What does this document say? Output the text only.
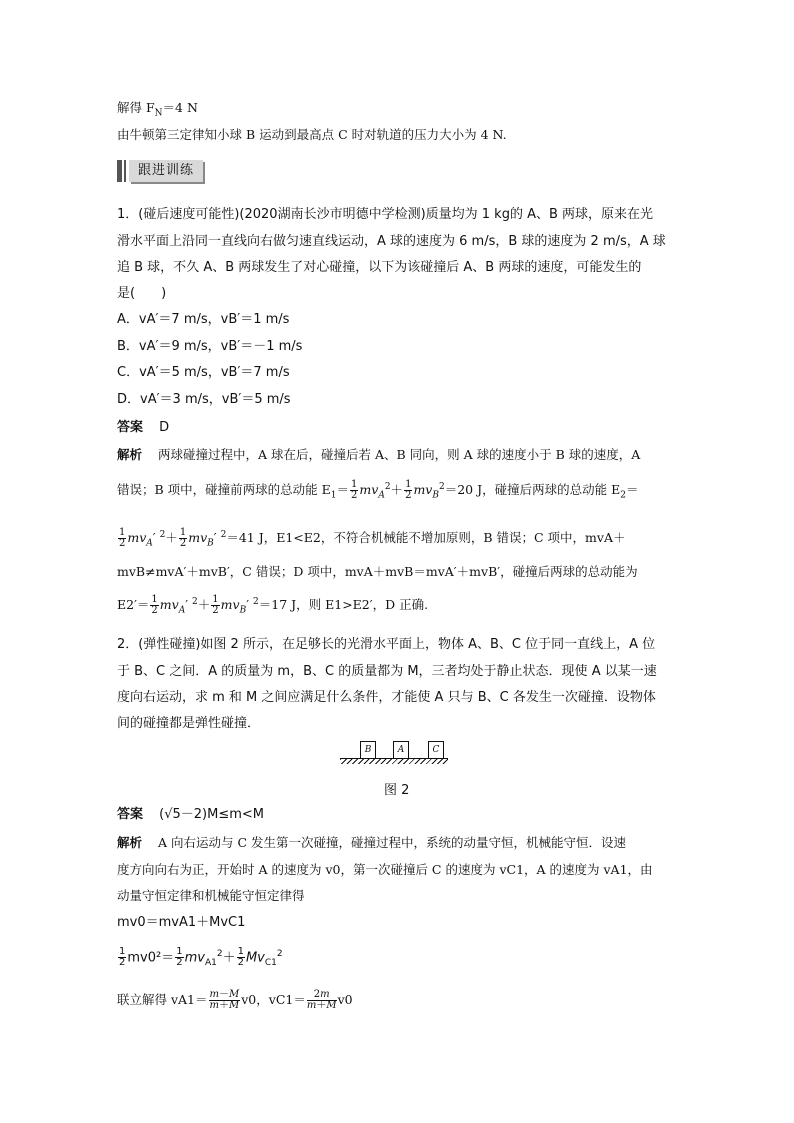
解得 $F_N=4$ N
由牛顿第三定律知小球 B 运动到最高点 C 时对轨道的压力大小为 4 N.
跟进训练
1．(碰后速度可能性)(2020湖南长沙市明德中学检测)质量均为 1 kg的 A、B 两球，原来在光
滑水平面上沿同一直线向右做匀速直线运动，A 球的速度为 6 m/s，B 球的速度为 2 m/s，A 球
追 B 球，不久 A、B 两球发生了对心碰撞，以下为该碰撞后 A、B 两球的速度，可能发生的
是(　　)
A．vA′＝7 m/s，vB′＝1 m/s
B．vA′＝9 m/s，vB′＝－1 m/s
C．vA′＝5 m/s，vB′＝7 m/s
D．vA′＝3 m/s，vB′＝5 m/s
答案 D
解析 两球碰撞过程中，A 球在后，碰撞后若 A、B 同向，则 A 球的速度小于 B 球的速度，A
错误；B 项中，碰撞前两球的总动能 $E_1= \frac{1}{2} mv_A^2+ \frac{1}{2} mv_B^2=20$ J，碰撞后两球的总动能 $E_2=$
$\frac{1}{2} mv_A'$ $^2+ \frac{1}{2} mv_B'$ $^2$＝41 J，E1<E2，不符合机械能不增加原则，B 错误；C 项中，mvA＋
mvB≠mvA′＋mvB′，C 错误；D 项中，mvA＋mvB＝mvA′＋mvB′，碰撞后两球的总动能为
$E2'= \frac{1}{2} mv_A'$ $^2+ \frac{1}{2} mv_B'$ $^2$＝17 J，则 E1>E2′，D 正确.
2．(弹性碰撞)如图 2 所示，在足够长的光滑水平面上，物体 A、B、C 位于同一直线上，A 位
于 B、C 之间．A 的质量为 m，B、C 的质量都为 M，三者均处于静止状态．现使 A 以某一速
度向右运动，求 m 和 M 之间应满足什么条件，才能使 A 只与 B、C 各发生一次碰撞．设物体
间的碰撞都是弹性碰撞．
B	A	C
图 2
答案 (√5－2)M≤m<M
解析 A 向右运动与 C 发生第一次碰撞，碰撞过程中，系统的动量守恒，机械能守恒．设速
度方向向右为正，开始时 A 的速度为 v0，第一次碰撞后 C 的速度为 vC1，A 的速度为 vA1，由
动量守恒定律和机械能守恒定律得
mv0＝mvA1＋MvC1
$\frac{1}{2} mv0^2= \frac{1}{2} mv_{A1}^2+ \frac{1}{2} Mv_{C1}^2$
联立解得 $vA1= \frac{m-M}{m+M} v0$，$vC1= \frac{2m}{m+M} v0$
